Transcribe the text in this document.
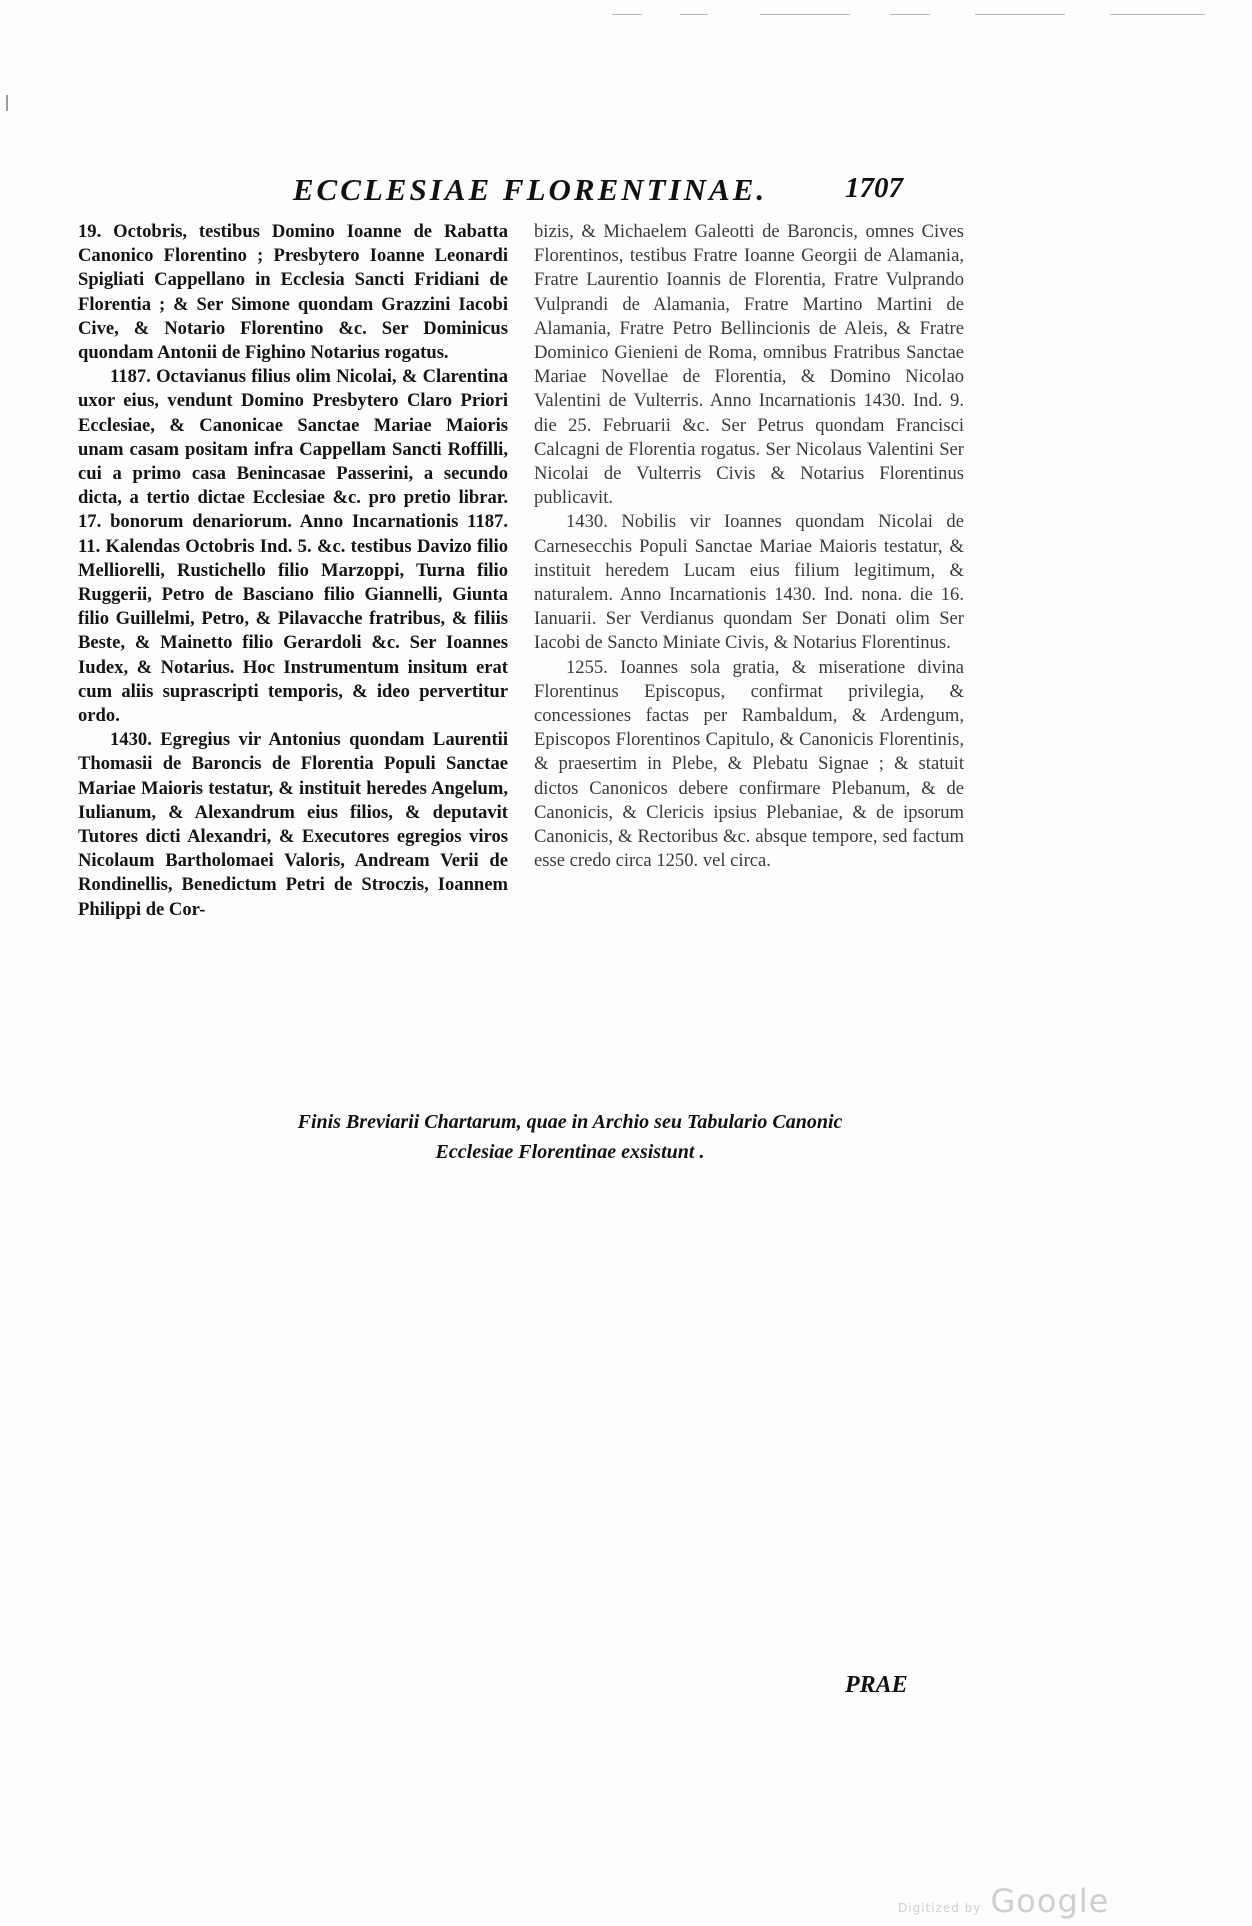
ECCLESIAE FLORENTINAE.	1707

19. Octobris, testibus Domino Ioanne de Rabatta Canonico Florentino ; Presbytero Ioanne Leonardi Spigliati Cappellano in Ecclesia Sancti Fridiani de Florentia ; & Ser Simone quondam Grazzini Iacobi Cive, & Notario Florentino &c. Ser Dominicus quondam Antonii de Fighino Notarius rogatus.

1187. Octavianus filius olim Nicolai, & Clarentina uxor eius, vendunt Domino Presbytero Claro Priori Ecclesiae, & Canonicae Sanctae Mariae Maioris unam casam positam infra Cappellam Sancti Roffilli, cui a primo casa Benincasae Passerini, a secundo dicta, a tertio dictae Ecclesiae &c. pro pretio librar. 17. bonorum denariorum. Anno Incarnationis 1187. 11. Kalendas Octobris Ind. 5. &c. testibus Davizo filio Melliorelli, Rustichello filio Marzoppi, Turna filio Ruggerii, Petro de Basciano filio Giannelli, Giunta filio Guillelmi, Petro, & Pilavacche fratribus, & filiis Beste, & Mainetto filio Gerardoli &c. Ser Ioannes Iudex, & Notarius. Hoc Instrumentum insitum erat cum aliis suprascripti temporis, & ideo pervertitur ordo.

1430. Egregius vir Antonius quondam Laurentii Thomasii de Baroncis de Florentia Populi Sanctae Mariae Maioris testatur, & instituit heredes Angelum, Iulianum, & Alexandrum eius filios, & deputavit Tutores dicti Alexandri, & Executores egregios viros Nicolaum Bartholomaei Valoris, Andream Verii de Rondinellis, Benedictum Petri de Stroczis, Ioannem Philippi de Cor-

bizis, & Michaelem Galeotti de Baroncis, omnes Cives Florentinos, testibus Fratre Ioanne Georgii de Alamania, Fratre Laurentio Ioannis de Florentia, Fratre Vulprando Vulprandi de Alamania, Fratre Martino Martini de Alamania, Fratre Petro Bellincionis de Aleis, & Fratre Dominico Gienieni de Roma, omnibus Fratribus Sanctae Mariae Novellae de Florentia, & Domino Nicolao Valentini de Vulterris. Anno Incarnationis 1430. Ind. 9. die 25. Februarii &c. Ser Petrus quondam Francisci Calcagni de Florentia rogatus. Ser Nicolaus Valentini Ser Nicolai de Vulterris Civis & Notarius Florentinus publicavit.

1430. Nobilis vir Ioannes quondam Nicolai de Carnesecchis Populi Sanctae Mariae Maioris testatur, & instituit heredem Lucam eius filium legitimum, & naturalem. Anno Incarnationis 1430. Ind. nona. die 16. Ianuarii. Ser Verdianus quondam Ser Donati olim Ser Iacobi de Sancto Miniate Civis, & Notarius Florentinus.

1255. Ioannes sola gratia, & miseratione divina Florentinus Episcopus, confirmat privilegia, & concessiones factas per Rambaldum, & Ardengum, Episcopos Florentinos Capitulo, & Canonicis Florentinis, & praesertim in Plebe, & Plebatu Signae ; & statuit dictos Canonicos debere confirmare Plebanum, & de Canonicis, & Clericis ipsius Plebaniae, & de ipsorum Canonicis, & Rectoribus &c. absque tempore, sed factum esse credo circa 1250. vel circa.

Finis Breviarii Chartarum, quae in Archio seu Tabulario Canonic
Ecclesiae Florentinae exsistunt .
PRAE
Digitized by Google
